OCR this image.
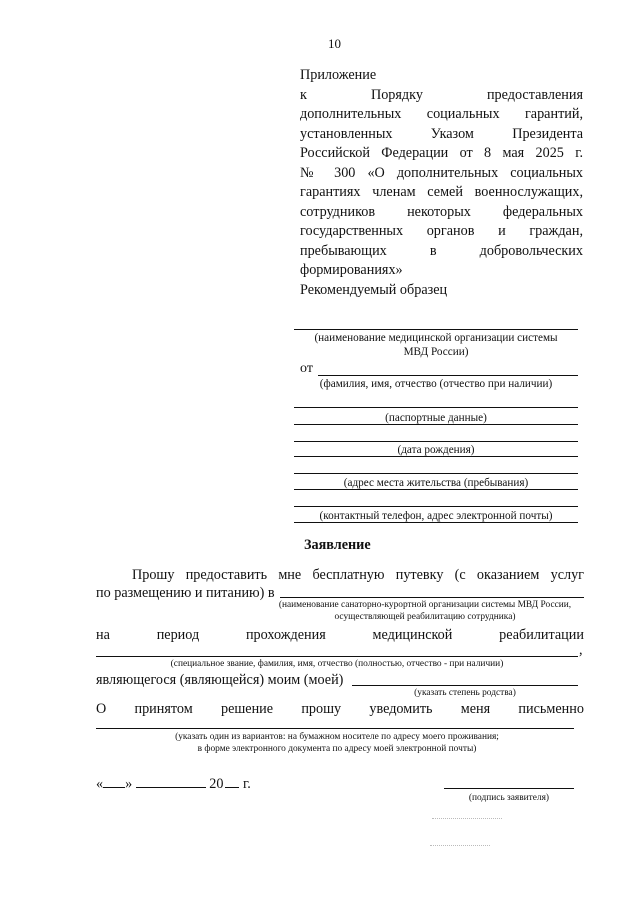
10
Приложение
к Порядку предоставления
дополнительных социальных гарантий,
установленных Указом Президента
Российской Федерации от 8 мая 2025 г.
№ 300 «О дополнительных социальных
гарантиях членам семей военнослужащих,
сотрудников некоторых федеральных
государственных органов и граждан,
пребывающих в добровольческих
формированиях»
Рекомендуемый образец
(наименование медицинской организации системы
МВД России)
от
(фамилия, имя, отчество (отчество при наличии)
(паспортные данные)
(дата рождения)
(адрес места жительства (пребывания)
(контактный телефон, адрес электронной почты)
Заявление
Прошу предоставить мне бесплатную путевку (с оказанием услуг
по размещению и питанию) в
(наименование санаторно-курортной организации системы МВД России,
осуществляющей реабилитацию сотрудника)
на	период	прохождения	медицинской	реабилитации
,
(специальное звание, фамилия, имя, отчество (полностью, отчество - при наличии)
являющегося (являющейся) моим (моей)
(указать степень родства)
О принятом решение прошу уведомить меня письменно
(указать один из вариантов: на бумажном носителе по адресу моего проживания;
в форме электронного документа по адресу моей электронной почты)
« »	20 г.
(подпись заявителя)
